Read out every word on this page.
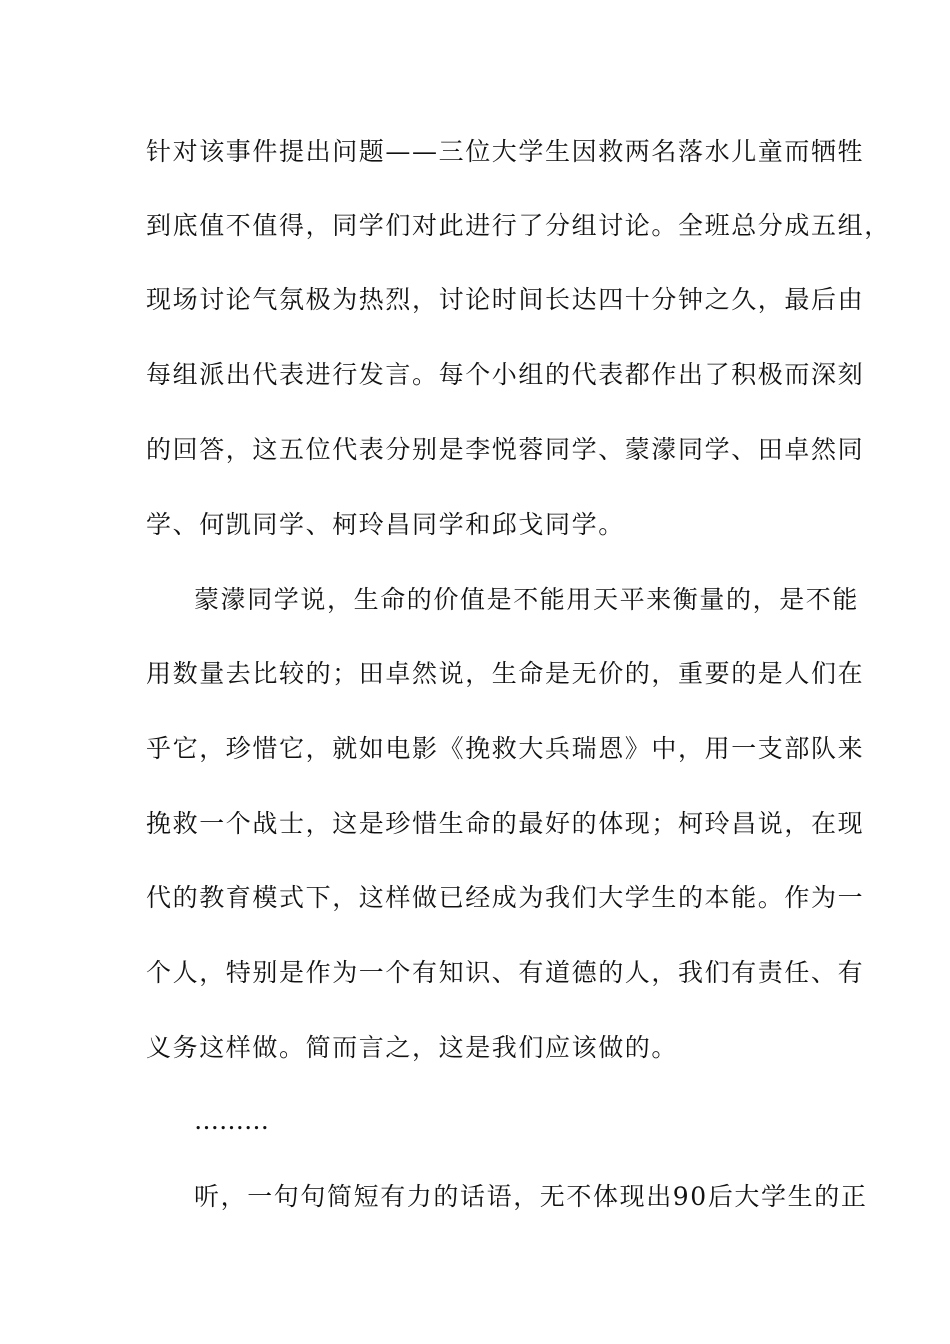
针对该事件提出问题——三位大学生因救两名落水儿童而牺牲
到底值不值得，同学们对此进行了分组讨论。全班总分成五组，
现场讨论气氛极为热烈，讨论时间长达四十分钟之久，最后由
每组派出代表进行发言。每个小组的代表都作出了积极而深刻
的回答，这五位代表分别是李悦蓉同学、蒙濛同学、田卓然同
学、何凯同学、柯玲昌同学和邱戈同学。
蒙濛同学说，生命的价值是不能用天平来衡量的，是不能
用数量去比较的；田卓然说，生命是无价的，重要的是人们在
乎它，珍惜它，就如电影《挽救大兵瑞恩》中，用一支部队来
挽救一个战士，这是珍惜生命的最好的体现；柯玲昌说，在现
代的教育模式下，这样做已经成为我们大学生的本能。作为一
个人，特别是作为一个有知识、有道德的人，我们有责任、有
义务这样做。简而言之，这是我们应该做的。
………
听，一句句简短有力的话语，无不体现出90后大学生的正
